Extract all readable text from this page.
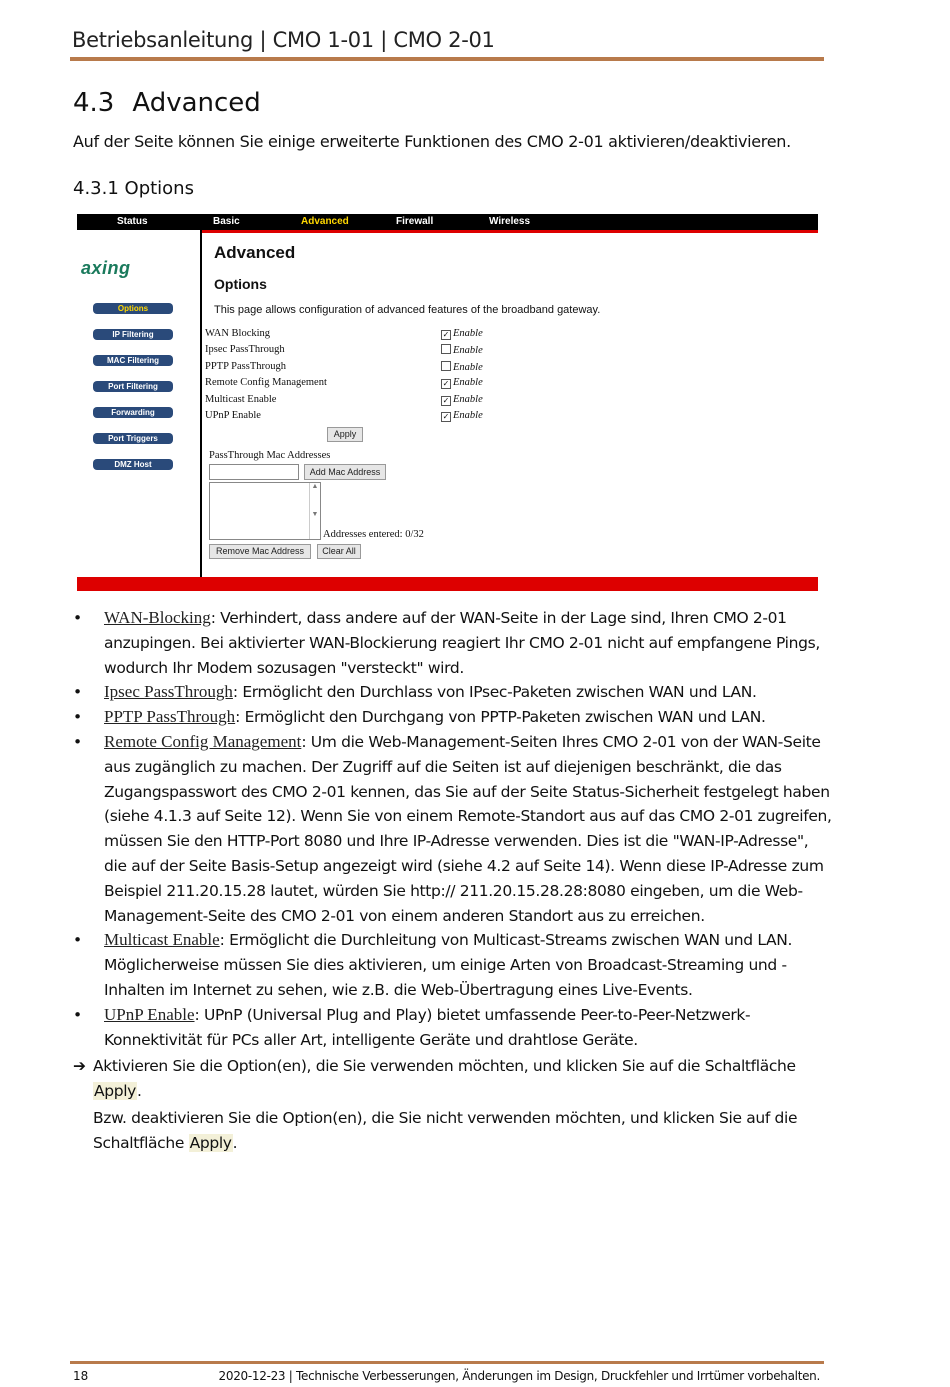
Betriebsanleitung | CMO 1-01 | CMO 2-01
4.3 Advanced
Auf der Seite können Sie einige erweiterte Funktionen des CMO 2-01 aktivieren/deaktivieren.
4.3.1 Options
Status	Basic	Advanced	Firewall	Wireless
axing

Options
IP Filtering
MAC Filtering
Port Filtering
Forwarding
Port Triggers
DMZ Host
Advanced
Options
This page allows configuration of advanced features of the broadband gateway.
WAN Blocking	✓ Enable
Ipsec PassThrough	Enable
PPTP PassThrough	Enable
Remote Config Management	✓ Enable
Multicast Enable	✓ Enable
UPnP Enable	✓ Enable
Apply
PassThrough Mac Addresses
Add Mac Address
▲

▼
Addresses entered: 0/32
Remove Mac Address	Clear All
• WAN-Blocking: Verhindert, dass andere auf der WAN-Seite in der Lage sind, Ihren CMO 2-01 anzupingen. Bei aktivierter WAN-Blockierung reagiert Ihr CMO 2-01 nicht auf empfangene Pings, wodurch Ihr Modem sozusagen "versteckt" wird.
• Ipsec PassThrough: Ermöglicht den Durchlass von IPsec-Paketen zwischen WAN und LAN.
• PPTP PassThrough: Ermöglicht den Durchgang von PPTP-Paketen zwischen WAN und LAN.
• Remote Config Management: Um die Web-Management-Seiten Ihres CMO 2-01 von der WAN-Seite aus zugänglich zu machen. Der Zugriff auf die Seiten ist auf diejenigen beschränkt, die das Zugangspasswort des CMO 2-01 kennen, das Sie auf der Seite Status-Sicherheit festgelegt haben (siehe 4.1.3 auf Seite 12). Wenn Sie von einem Remote-Standort aus auf das CMO 2-01 zugreifen, müssen Sie den HTTP-Port 8080 und Ihre IP-Adresse verwenden. Dies ist die "WAN-IP-Adresse", die auf der Seite Basis-Setup angezeigt wird (siehe 4.2 auf Seite 14). Wenn diese IP-Adresse zum Beispiel 211.20.15.28 lautet, würden Sie http:// 211.20.15.28.28:8080 eingeben, um die Web-Management-Seite des CMO 2-01 von einem anderen Standort aus zu erreichen.
• Multicast Enable: Ermöglicht die Durchleitung von Multicast-Streams zwischen WAN und LAN. Möglicherweise müssen Sie dies aktivieren, um einige Arten von Broadcast-Streaming und -Inhalten im Internet zu sehen, wie z.B. die Web-Übertragung eines Live-Events.
• UPnP Enable: UPnP (Universal Plug and Play) bietet umfassende Peer-to-Peer-Netzwerk-Konnektivität für PCs aller Art, intelligente Geräte und drahtlose Geräte.
➔ Aktivieren Sie die Option(en), die Sie verwenden möchten, und klicken Sie auf die Schaltfläche Apply.
Bzw. deaktivieren Sie die Option(en), die Sie nicht verwenden möchten, und klicken Sie auf die Schaltfläche Apply.
18	2020-12-23 | Technische Verbesserungen, Änderungen im Design, Druckfehler und Irrtümer vorbehalten.
